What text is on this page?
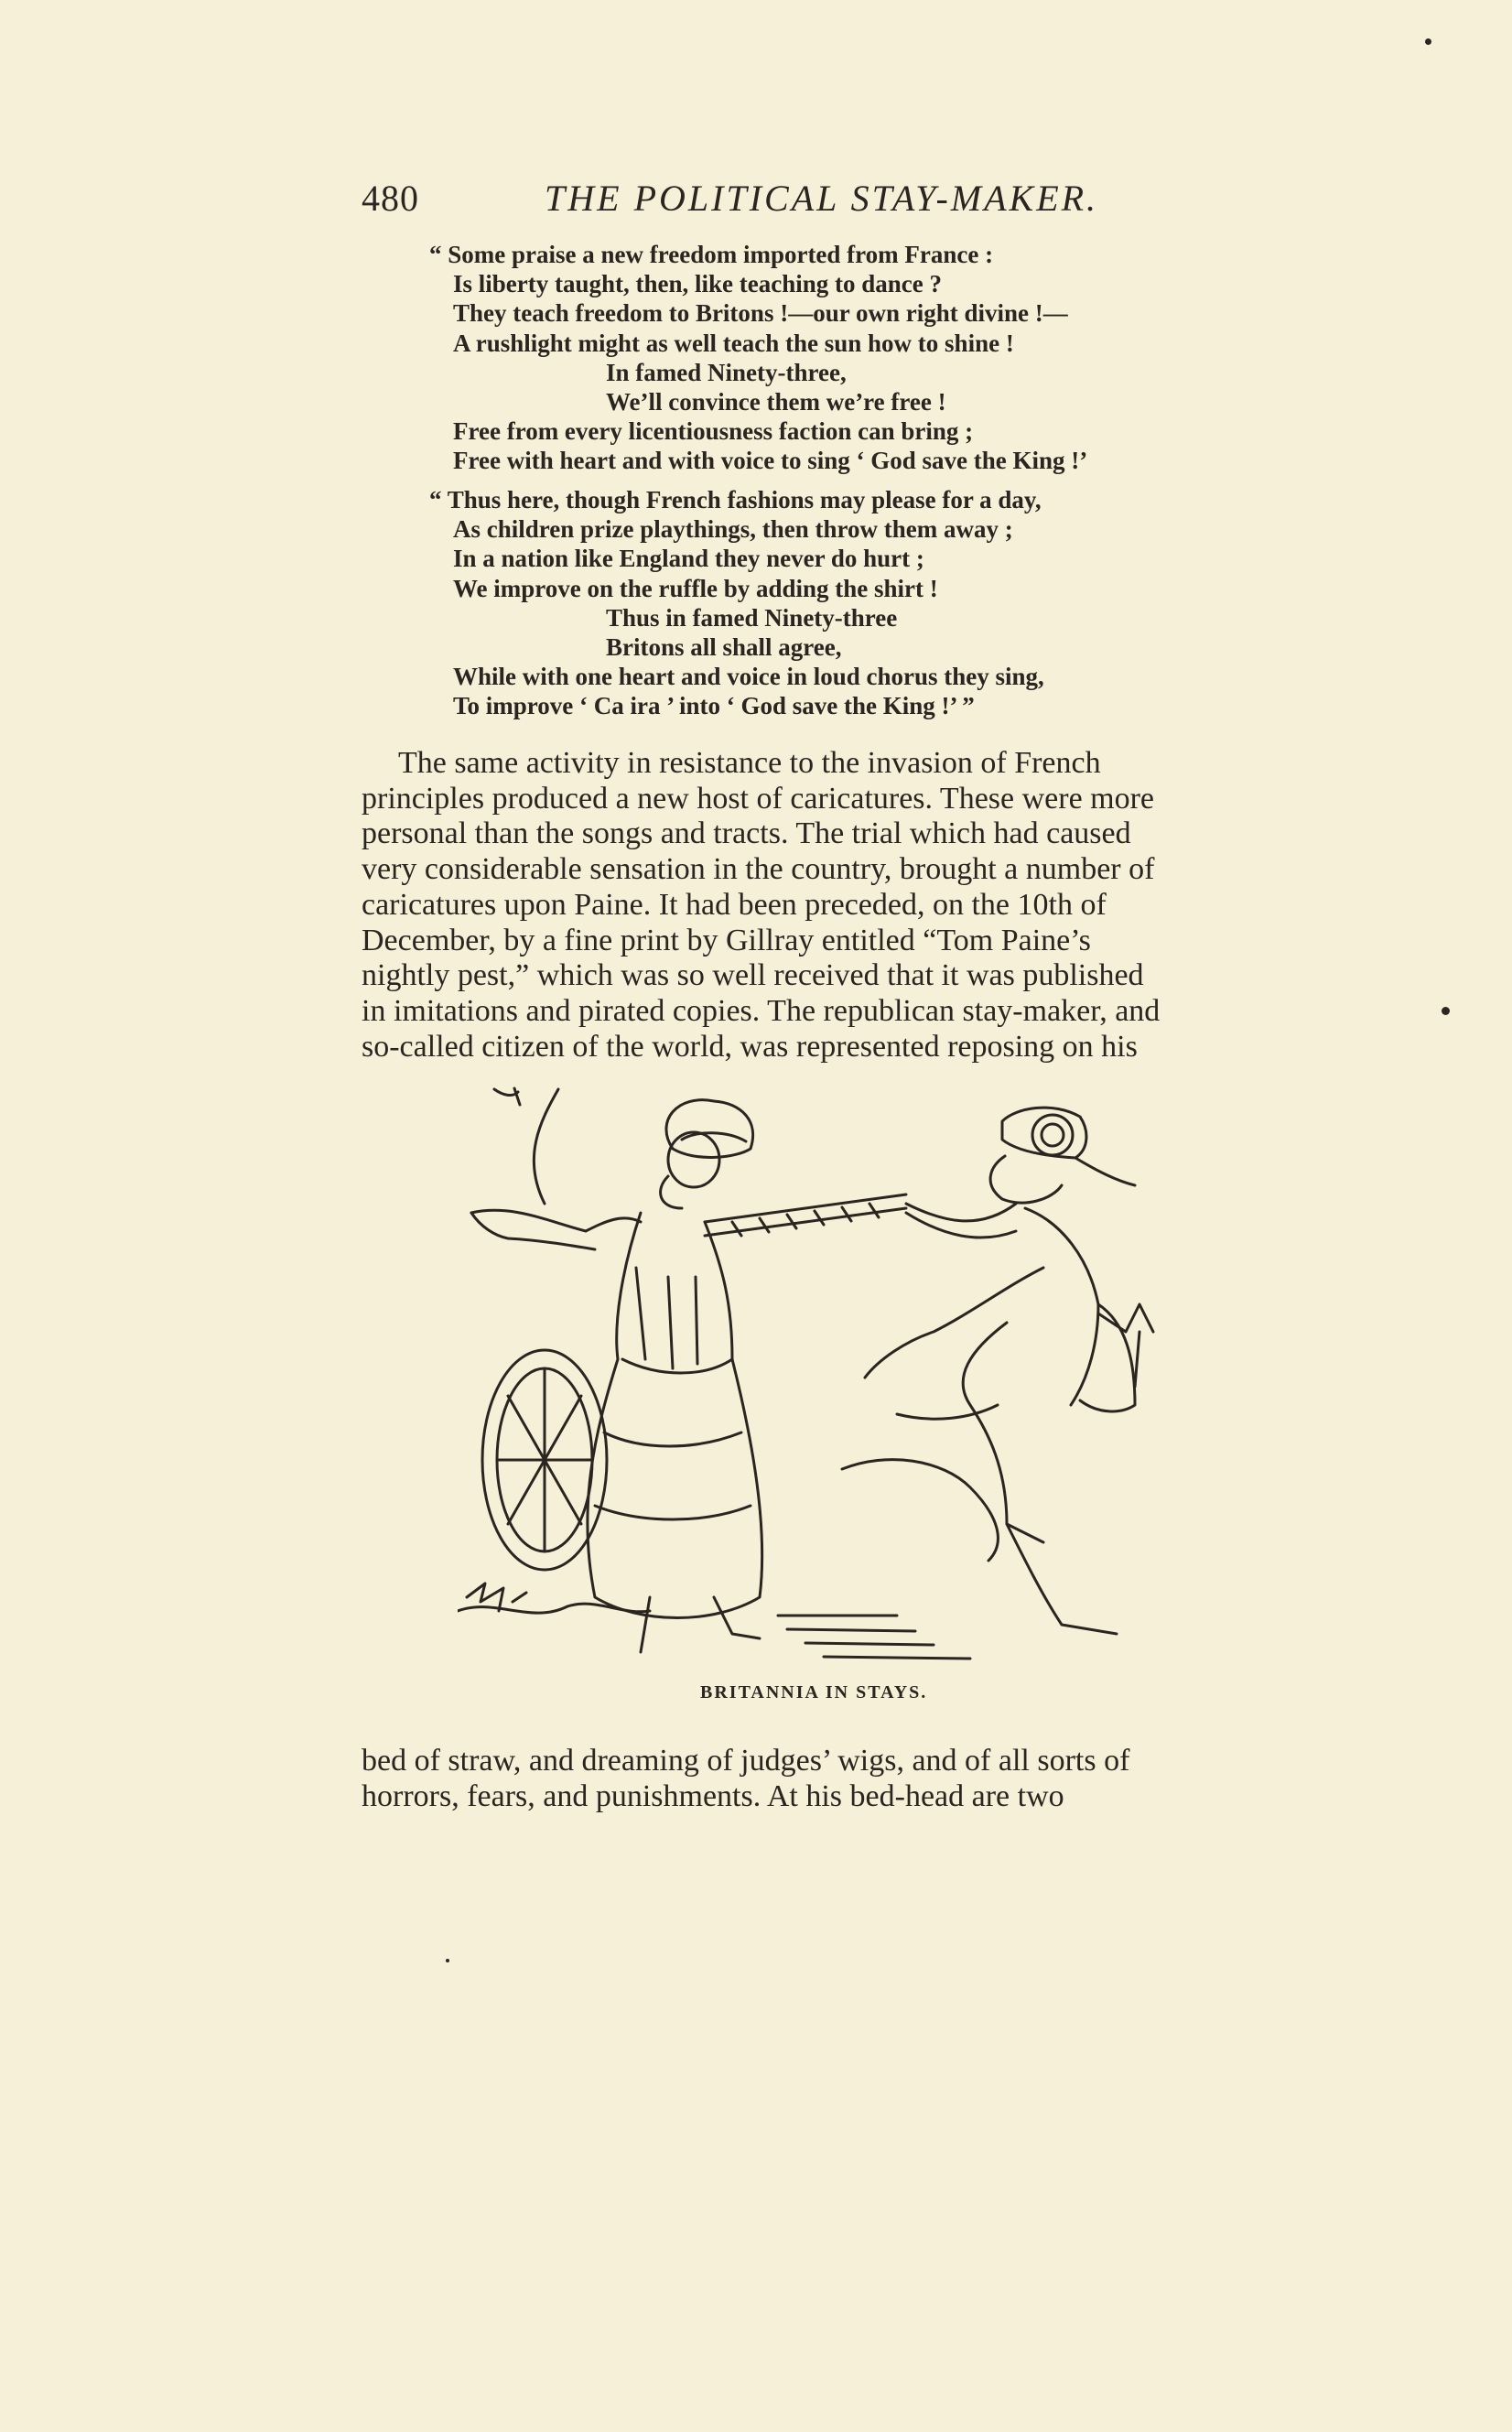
480	THE POLITICAL STAY-MAKER.
“ Some praise a new freedom imported from France :
Is liberty taught, then, like teaching to dance ?
They teach freedom to Britons !—our own right divine !—
A rushlight might as well teach the sun how to shine !
In famed Ninety-three,
We’ll convince them we’re free !
Free from every licentiousness faction can bring ;
Free with heart and with voice to sing ‘ God save the King !’
“ Thus here, though French fashions may please for a day,
As children prize playthings, then throw them away ;
In a nation like England they never do hurt ;
We improve on the ruffle by adding the shirt !
Thus in famed Ninety-three
Britons all shall agree,
While with one heart and voice in loud chorus they sing,
To improve ‘ Ca ira ’ into ‘ God save the King !’ ”
The same activity in resistance to the invasion of French
principles produced a new host of caricatures. These were more
personal than the songs and tracts. The trial which had caused
very considerable sensation in the country, brought a number of
caricatures upon Paine. It had been preceded, on the 10th of
December, by a fine print by Gillray entitled “Tom Paine’s
nightly pest,” which was so well received that it was published
in imitations and pirated copies. The republican stay-maker, and
so-called citizen of the world, was represented reposing on his
BRITANNIA IN STAYS.
bed of straw, and dreaming of judges’ wigs, and of all sorts of
horrors, fears, and punishments. At his bed-head are two
